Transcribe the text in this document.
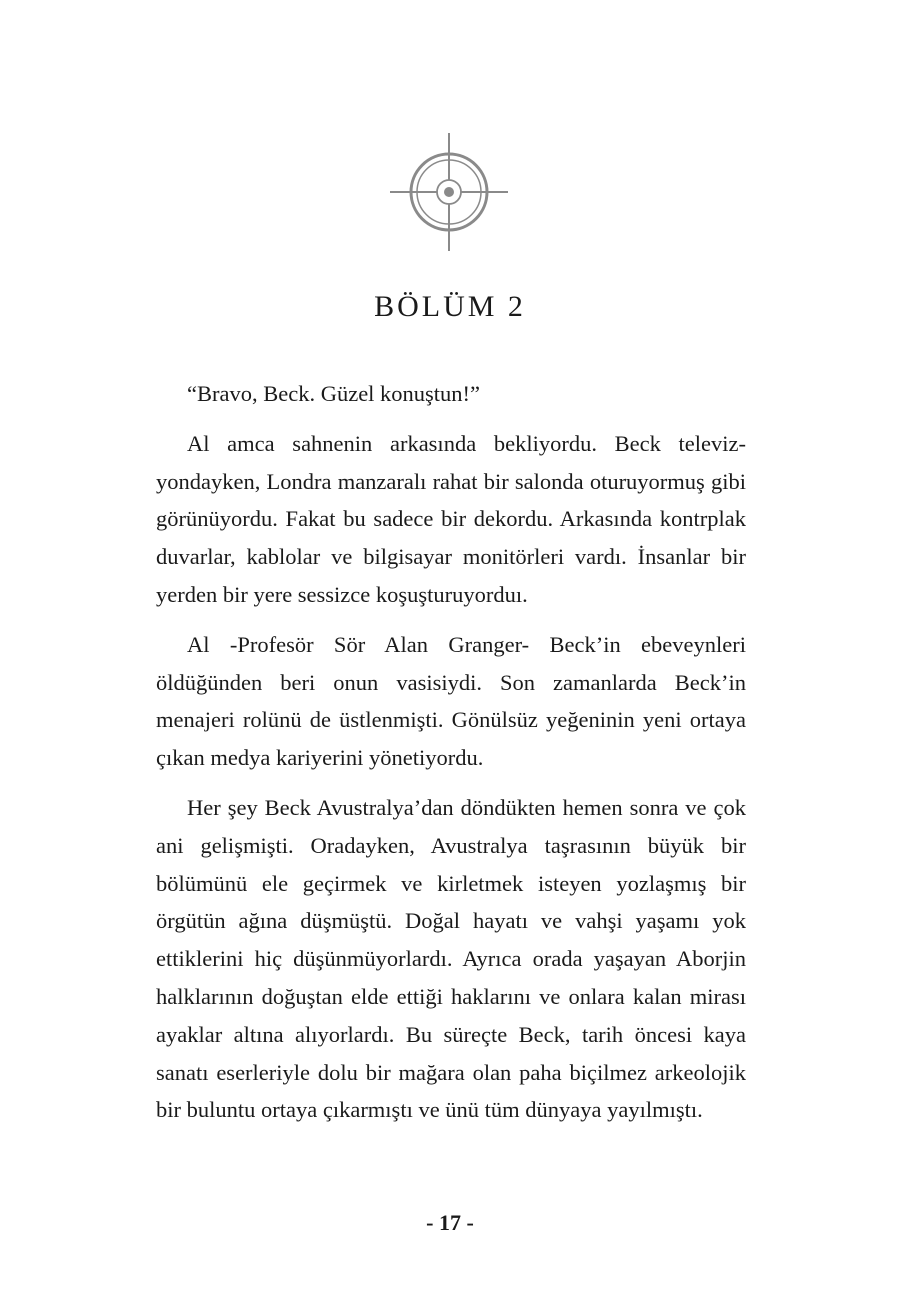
BÖLÜM 2

“Bravo, Beck. Güzel konuştun!”

Al amca sahnenin arkasında bekliyordu. Beck televizyondayken, Londra manzaralı rahat bir salonda oturuyormuş gibi görünüyordu. Fakat bu sadece bir dekordu. Arkasında kontrplak duvarlar, kablolar ve bilgisayar monitörleri vardı. İnsanlar bir yerden bir yere sessizce koşuşturuyorduı.

Al -Profesör Sör Alan Granger- Beck’in ebeveynleri öldüğünden beri onun vasisiydi. Son zamanlarda Beck’in menajeri rolünü de üstlenmişti. Gönülsüz yeğeninin yeni ortaya çıkan medya kariyerini yönetiyordu.

Her şey Beck Avustralya’dan döndükten hemen sonra ve çok ani gelişmişti. Oradayken, Avustralya taşrasının büyük bir bölümünü ele geçirmek ve kirletmek isteyen yozlaşmış bir örgütün ağına düşmüştü. Doğal hayatı ve vahşi yaşamı yok ettiklerini hiç düşünmüyorlardı. Ayrıca orada yaşayan Aborjin halklarının doğuştan elde ettiği haklarını ve onlara kalan mirası ayaklar altına alıyorlardı. Bu süreçte Beck, tarih öncesi kaya sanatı eserleriyle dolu bir mağara olan paha biçilmez arkeolojik bir buluntu ortaya çıkarmıştı ve ünü tüm dünyaya yayılmıştı.

- 17 -
